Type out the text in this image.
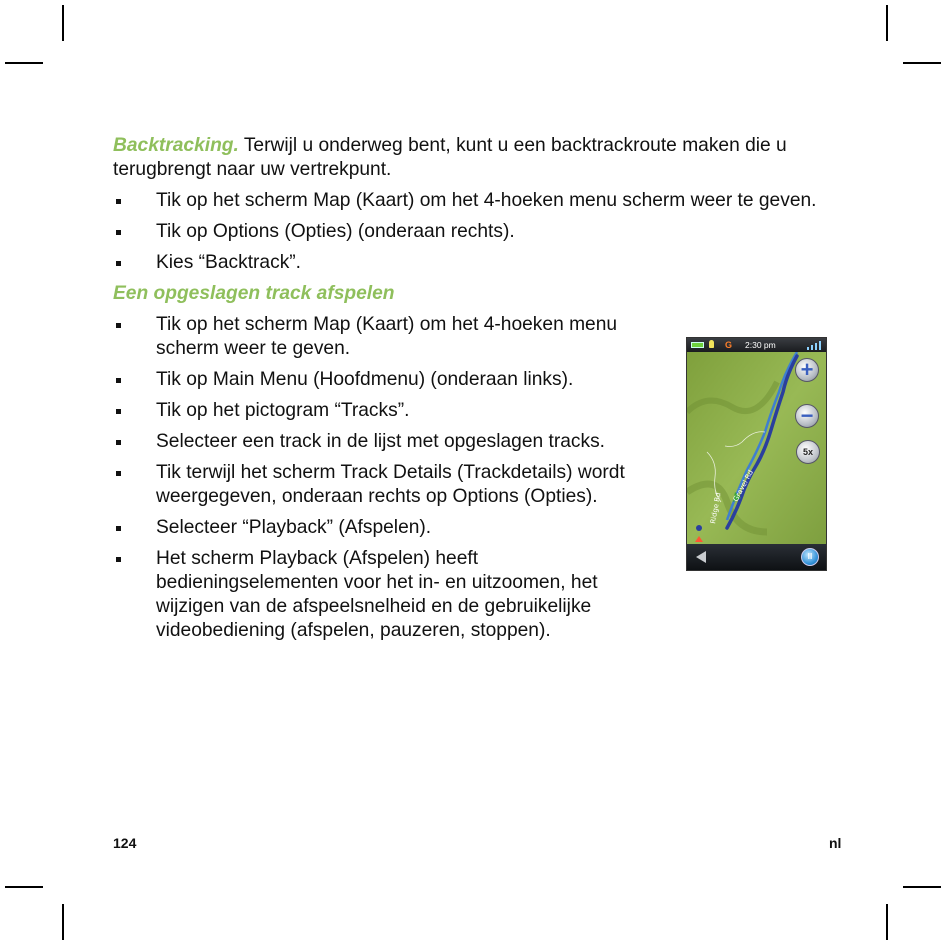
Backtracking. Terwijl u onderweg bent, kunt u een backtrackroute maken die u terugbrengt naar uw vertrekpunt.

Tik op het scherm Map (Kaart) om het 4-hoeken menu scherm weer te geven.
Tik op Options (Opties) (onderaan rechts).
Kies “Backtrack”.
Een opgeslagen track afspelen
Tik op het scherm Map (Kaart) om het 4-hoeken menu scherm weer te geven.
Tik op Main Menu (Hoofdmenu) (onderaan links).
Tik op het pictogram “Tracks”.
Selecteer een track in de lijst met opgeslagen tracks.
Tik terwijl het scherm Track Details (Trackdetails) wordt weergegeven, onderaan rechts op Options (Opties).
Selecteer “Playback” (Afspelen).
Het scherm Playback (Afspelen) heeft bedieningselementen voor het in- en uitzoomen, het wijzigen van de afspeelsnelheid en de gebruikelijke videobediening (afspelen, pauzeren, stoppen).
G 2:30 pm
Ridge Rd
Gravel Rd
+
−
5x
II
124	nl
